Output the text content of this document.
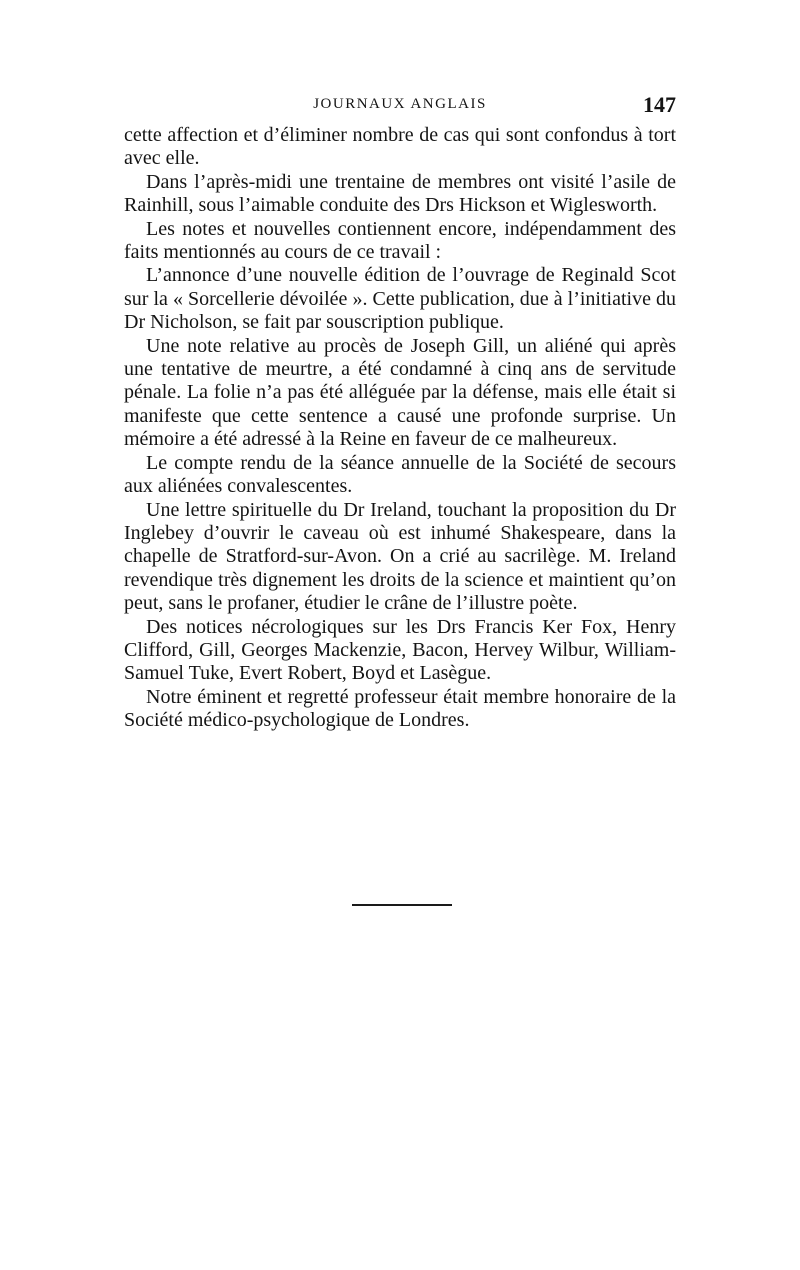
JOURNAUX ANGLAIS	147

cette affection et d’éliminer nombre de cas qui sont confondus à tort avec elle.

Dans l’après-midi une trentaine de membres ont visité l’asile de Rainhill, sous l’aimable conduite des Drs Hickson et Wiglesworth.

Les notes et nouvelles contiennent encore, indépendamment des faits mentionnés au cours de ce travail :

L’annonce d’une nouvelle édition de l’ouvrage de Reginald Scot sur la « Sorcellerie dévoilée ». Cette publication, due à l’initiative du Dr Nicholson, se fait par souscription publique.

Une note relative au procès de Joseph Gill, un aliéné qui après une tentative de meurtre, a été condamné à cinq ans de servitude pénale. La folie n’a pas été alléguée par la défense, mais elle était si manifeste que cette sentence a causé une profonde surprise. Un mémoire a été adressé à la Reine en faveur de ce malheureux.

Le compte rendu de la séance annuelle de la Société de secours aux aliénées convalescentes.

Une lettre spirituelle du Dr Ireland, touchant la proposition du Dr Inglebey d’ouvrir le caveau où est inhumé Shakespeare, dans la chapelle de Stratford-sur-Avon. On a crié au sacrilège. M. Ireland revendique très dignement les droits de la science et maintient qu’on peut, sans le profaner, étudier le crâne de l’illustre poète.

Des notices nécrologiques sur les Drs Francis Ker Fox, Henry Clifford, Gill, Georges Mackenzie, Bacon, Hervey Wilbur, William-Samuel Tuke, Evert Robert, Boyd et Lasègue.

Notre éminent et regretté professeur était membre honoraire de la Société médico-psychologique de Londres.
